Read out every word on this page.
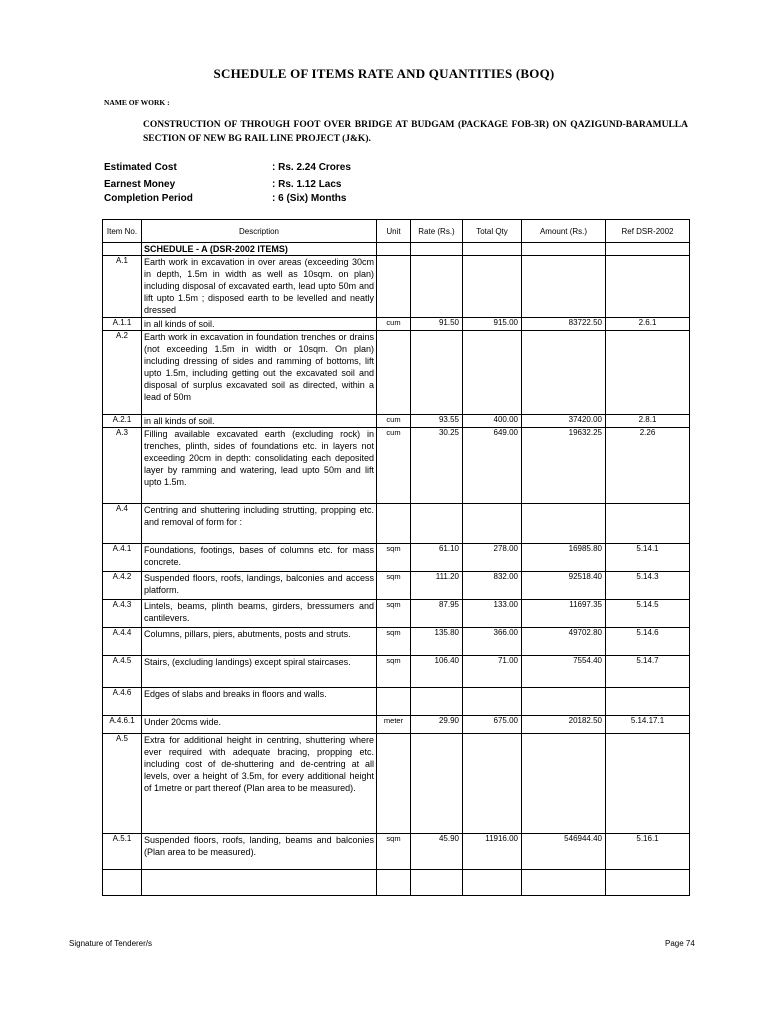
SCHEDULE OF ITEMS RATE AND QUANTITIES (BOQ)
NAME OF WORK :
CONSTRUCTION OF THROUGH FOOT OVER BRIDGE AT BUDGAM (PACKAGE FOB-3R) ON QAZIGUND-BARAMULLA SECTION OF NEW BG RAIL LINE PROJECT (J&K).
Estimated Cost	: Rs. 2.24 Crores
Earnest Money	: Rs. 1.12 Lacs
Completion Period	: 6 (Six) Months
Item No.	Description	Unit	Rate (Rs.)	Total Qty	Amount (Rs.)	Ref DSR-2002
	SCHEDULE - A (DSR-2002 ITEMS)					
A.1	Earth work in excavation in over areas (exceeding 30cm in depth, 1.5m in width as well as 10sqm. on plan) including disposal of excavated earth, lead upto 50m and lift upto 1.5m ; disposed earth to be levelled and neatly dressed					
A.1.1	in all kinds of soil.	cum	91.50	915.00	83722.50	2.6.1
A.2	Earth work in excavation in foundation trenches or drains (not exceeding 1.5m in width or 10sqm. On plan) including dressing of sides and ramming of bottoms, lift upto 1.5m, including getting out the excavated soil and disposal of surplus excavated soil as directed, within a lead of 50m					
A.2.1	in all kinds of soil.	cum	93.55	400.00	37420.00	2.8.1
A.3	Filling available excavated earth (excluding rock) in trenches, plinth, sides of foundations etc. in layers not exceeding 20cm in depth: consolidating each deposited layer by ramming and watering, lead upto 50m and lift upto 1.5m.	cum	30.25	649.00	19632.25	2.26
A.4	Centring and shuttering including strutting, propping etc. and removal of form for :					
A.4.1	Foundations, footings, bases of columns etc. for mass concrete.	sqm	61.10	278.00	16985.80	5.14.1
A.4.2	Suspended floors, roofs, landings, balconies and access platform.	sqm	111.20	832.00	92518.40	5.14.3
A.4.3	Lintels, beams, plinth beams, girders, bressumers and cantilevers.	sqm	87.95	133.00	11697.35	5.14.5
A.4.4	Columns, pillars, piers, abutments, posts and struts.	sqm	135.80	366.00	49702.80	5.14.6
A.4.5	Stairs, (excluding landings) except spiral staircases.	sqm	106.40	71.00	7554.40	5.14.7
A.4.6	Edges of slabs and breaks in floors and walls.					
A.4.6.1	Under 20cms wide.	meter	29.90	675.00	20182.50	5.14.17.1
A.5	Extra for additional height in centring, shuttering where ever required with adequate bracing, propping etc. including cost of de-shuttering and de-centring at all levels, over a height of 3.5m, for every additional height of 1metre or part thereof (Plan area to be measured).					
A.5.1	Suspended floors, roofs, landing, beams and balconies (Plan area to be measured).	sqm	45.90	11916.00	546944.40	5.16.1

Signature of Tenderer/s	Page 74
